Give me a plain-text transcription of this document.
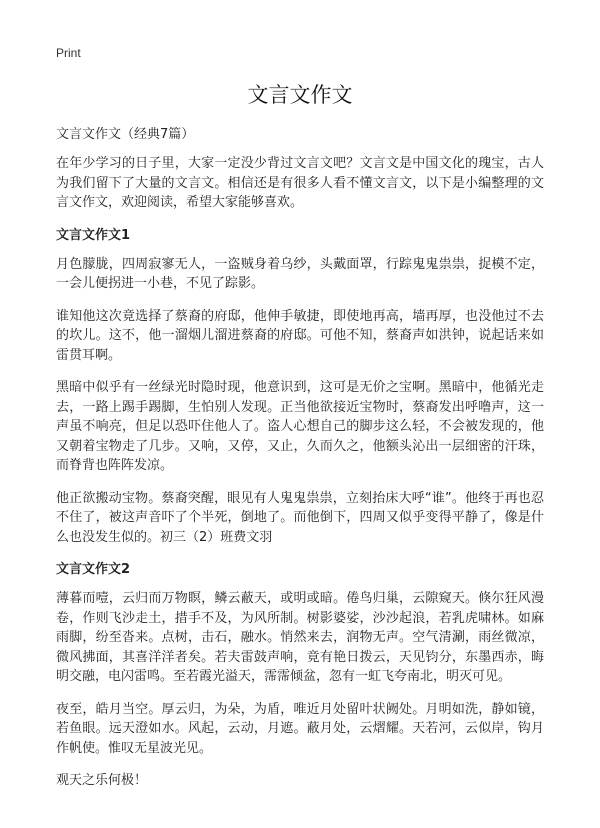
Print
文言文作文
文言文作文（经典7篇）

在年少学习的日子里，大家一定没少背过文言文吧？文言文是中国文化的瑰宝，古人为我们留下了大量的文言文。相信还是有很多人看不懂文言文，以下是小编整理的文言文作文，欢迎阅读，希望大家能够喜欢。

文言文作文1

月色朦胧，四周寂寥无人，一盗贼身着乌纱，头戴面罩，行踪鬼鬼祟祟，捉模不定，一会儿便拐进一小巷，不见了踪影。

谁知他这次竟选择了蔡裔的府邸，他伸手敏捷，即使地再高，墙再厚，也没他过不去的坎儿。这不，他一溜烟儿溜进蔡裔的府邸。可他不知，蔡裔声如洪钟，说起话来如雷贯耳啊。

黑暗中似乎有一丝绿光时隐时现，他意识到，这可是无价之宝啊。黑暗中，他循光走去，一路上踢手踢脚，生怕别人发现。正当他欲接近宝物时，蔡裔发出呼噜声，这一声虽不响亮，但足以恐吓住他人了。盗人心想自己的脚步这么轻，不会被发现的，他又朝着宝物走了几步。又响，又停，又止，久而久之，他额头沁出一层细密的汗珠，而脊背也阵阵发凉。

他正欲搬动宝物。蔡裔突醒，眼见有人鬼鬼祟祟，立刻抬床大呼“谁”。他终于再也忍不住了，被这声音吓了个半死，倒地了。而他倒下，四周又似乎变得平静了，像是什么也没发生似的。初三（2）班费文羽

文言文作文2

薄暮而噎，云归而万物瞑，鳞云蔽天，或明或暗。倦鸟归巢，云隙窥天。倏尔狂风漫卷，作则飞沙走土，措手不及，为风所制。树影婆娑，沙沙起浪，若乳虎啸林。如麻雨脚，纷至沓来。点树，击石，融水。悄然来去，润物无声。空气清涮，雨丝微凉，微风拂面，其喜洋洋者矣。若夫雷鼓声响，竟有艳日拨云，天见钧分，东墨西赤，晦明交融，电闪雷鸣。至若霞光溢天，霈霈倾盆，忽有一虹飞夸南北，明灭可见。

夜至，皓月当空。厚云归，为朵，为盾，唯近月处留叶状阙处。月明如洗，静如镜，若鱼眼。远天澄如水。风起，云动，月遮。蔽月处，云熠耀。天若河，云似岸，钩月作帆使。惟叹无星波光见。

观天之乐何极！
